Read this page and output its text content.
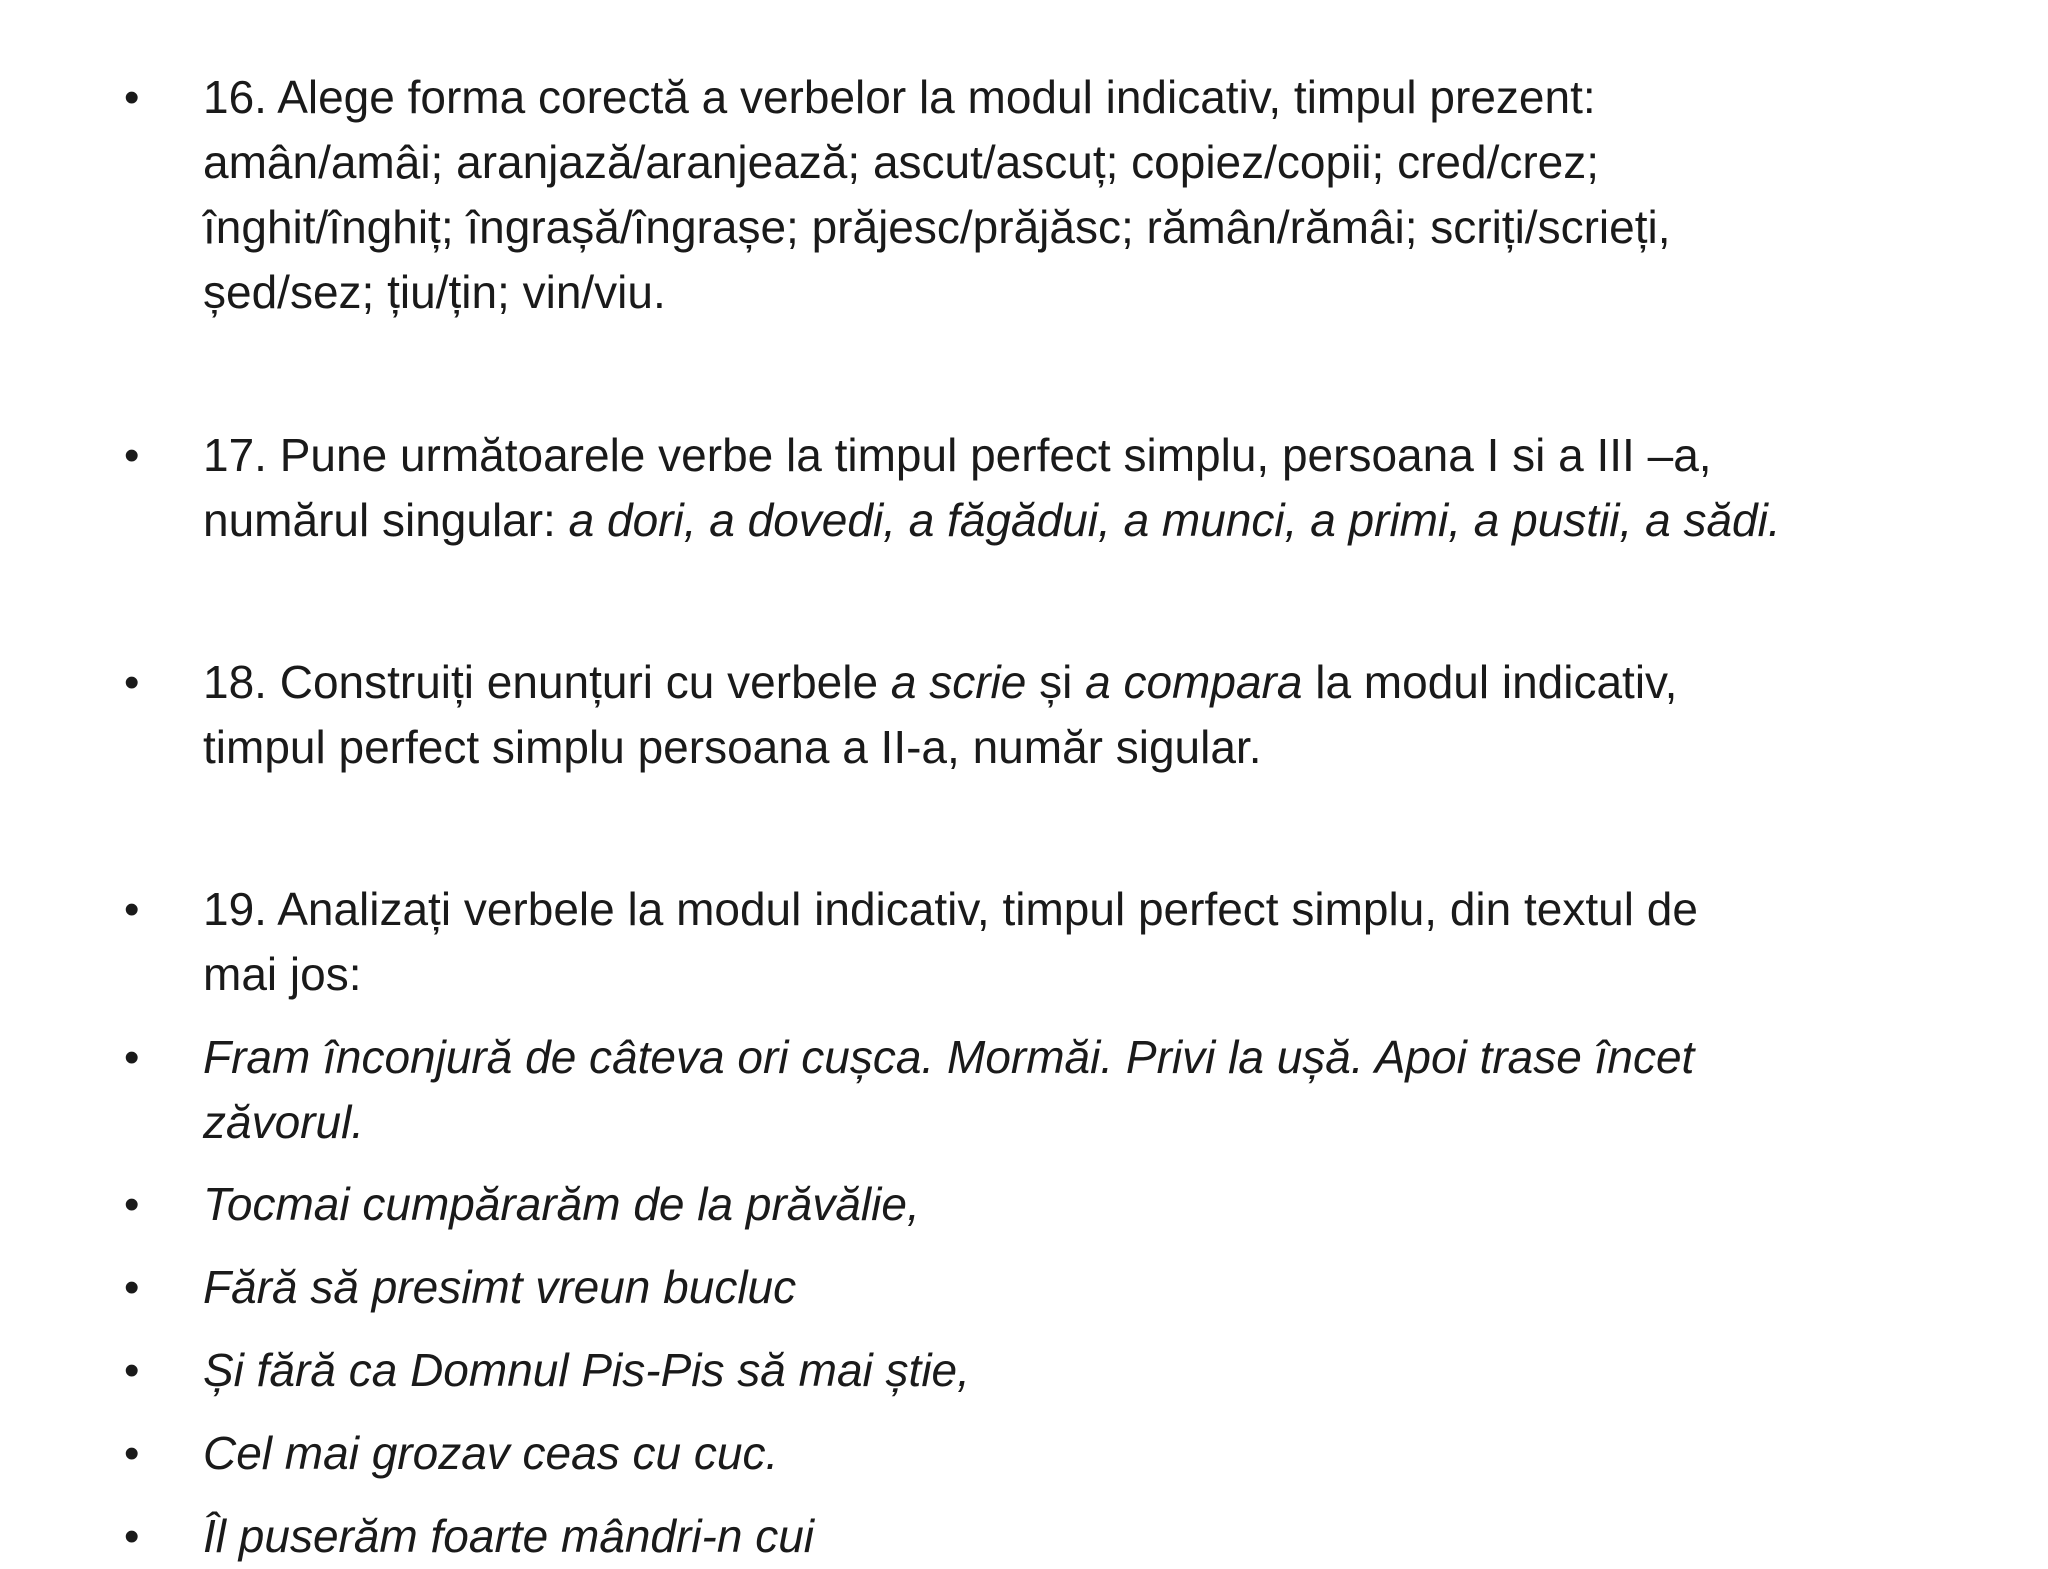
• 16. Alege forma corectă a verbelor la modul indicativ, timpul prezent:
amân/amâi; aranjază/aranjează; ascut/ascuț; copiez/copii; cred/crez;
înghit/înghiț; îngrașă/îngrașe; prăjesc/prăjăsc; rămân/rămâi; scriți/scrieți,
șed/sez; țiu/țin; vin/viu.
• 17. Pune următoarele verbe la timpul perfect simplu, persoana I si a III –a,
numărul singular: a dori, a dovedi, a făgădui, a munci, a primi, a pustii, a sădi.
• 18. Construiți enunțuri cu verbele a scrie și a compara la modul indicativ,
timpul perfect simplu persoana a II-a, număr sigular.
• 19. Analizați verbele la modul indicativ, timpul perfect simplu, din textul de
mai jos:
• Fram înconjură de câteva ori cușca. Mormăi. Privi la ușă. Apoi trase încet
zăvorul.
• Tocmai cumpărarăm de la prăvălie,
• Fără să presimt vreun bucluc
• Și fără ca Domnul Pis-Pis să mai știe,
• Cel mai grozav ceas cu cuc.
• Îl puserăm foarte mândri-n cui
